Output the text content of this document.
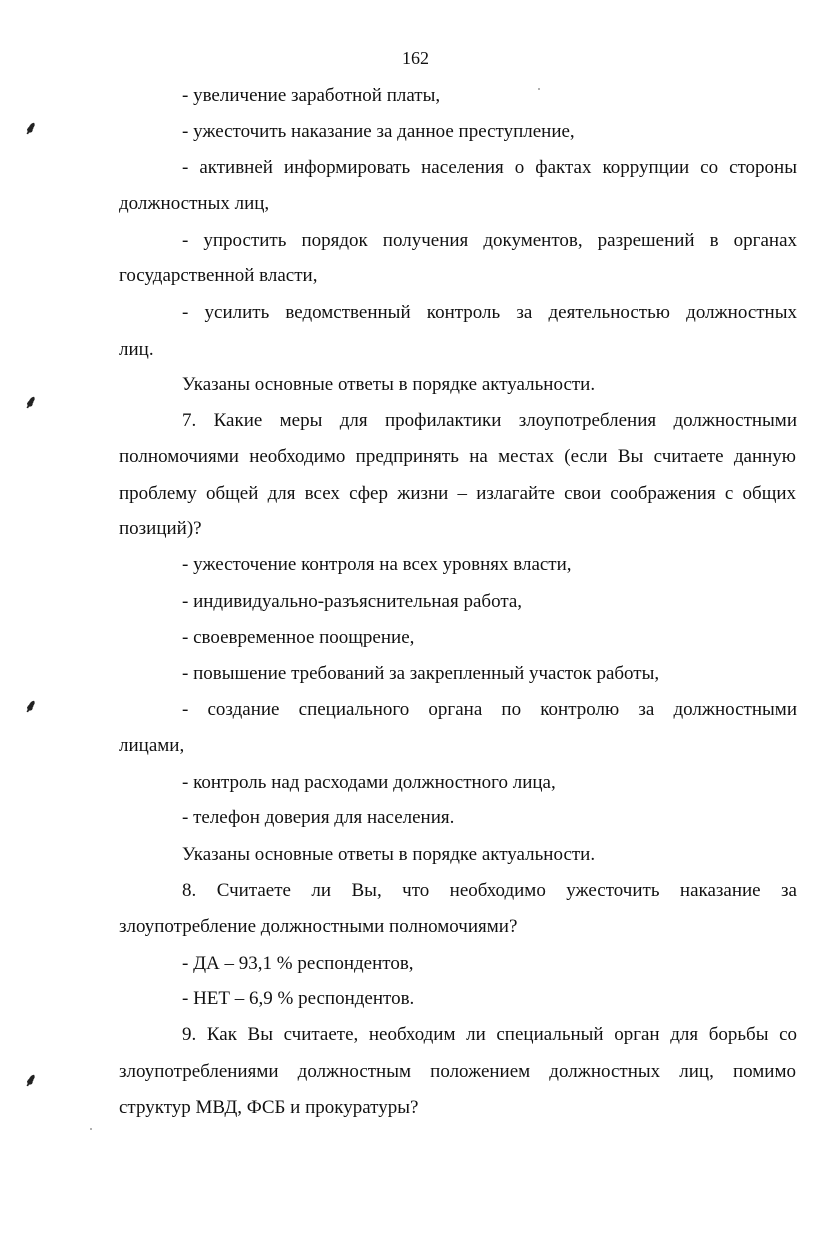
162
⸙
⸙
⸙
⸙
- увеличение заработной платы,
- ужесточить наказание за данное преступление,
- активней информировать населения о фактах коррупции со стороны
должностных лиц,
- упростить порядок получения документов, разрешений в органах
государственной власти,
- усилить ведомственный контроль за деятельностью должностных
лиц.
Указаны основные ответы в порядке актуальности.
7. Какие меры для профилактики злоупотребления должностными
полномочиями необходимо предпринять на местах (если Вы считаете данную
проблему общей для всех сфер жизни – излагайте свои соображения с общих
позиций)?
- ужесточение контроля на всех уровнях власти,
- индивидуально-разъяснительная работа,
- своевременное поощрение,
- повышение требований за закрепленный участок работы,
- создание специального органа по контролю за должностными
лицами,
- контроль над расходами должностного лица,
- телефон доверия для населения.
Указаны основные ответы в порядке актуальности.
8. Считаете ли Вы, что необходимо ужесточить наказание за
злоупотребление должностными полномочиями?
- ДА – 93,1 % респондентов,
- НЕТ – 6,9 % респондентов.
9. Как Вы считаете, необходим ли специальный орган для борьбы со
злоупотреблениями должностным положением должностных лиц, помимо
структур МВД, ФСБ и прокуратуры?
